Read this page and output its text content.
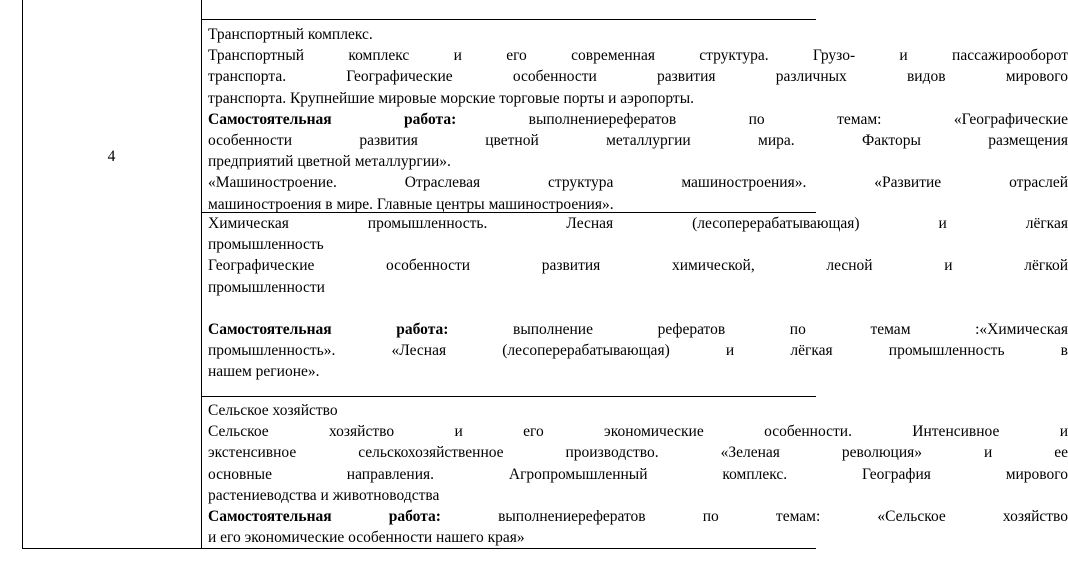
4
Транспортный комплекс.
Транспортный комплекс и его современная структура. Грузо- и пассажирооборот
транспорта. Географические особенности развития различных видов мирового
транспорта. Крупнейшие мировые морские торговые порты и аэропорты.
Самостоятельная работа: выполнениерефератов по темам: «Географические
особенности развития цветной металлургии мира. Факторы размещения
предприятий цветной металлургии».
«Машиностроение. Отраслевая структура машиностроения». «Развитие отраслей
машиностроения в мире. Главные центры машиностроения».
Химическая промышленность. Лесная (лесоперерабатывающая) и лёгкая
промышленность
Географические особенности развития химической, лесной и лёгкой
промышленности
Самостоятельная работа: выполнение рефератов по темам :«Химическая
промышленность». «Лесная (лесоперерабатывающая) и лёгкая промышленность в
нашем регионе».
Сельское хозяйство
Сельское хозяйство и его экономические особенности. Интенсивное и
экстенсивное сельскохозяйственное производство. «Зеленая революция» и ее
основные направления. Агропромышленный комплекс. География мирового
растениеводства и животноводства
Самостоятельная работа: выполнениерефератов по темам: «Сельское хозяйство
и его экономические особенности нашего края»
